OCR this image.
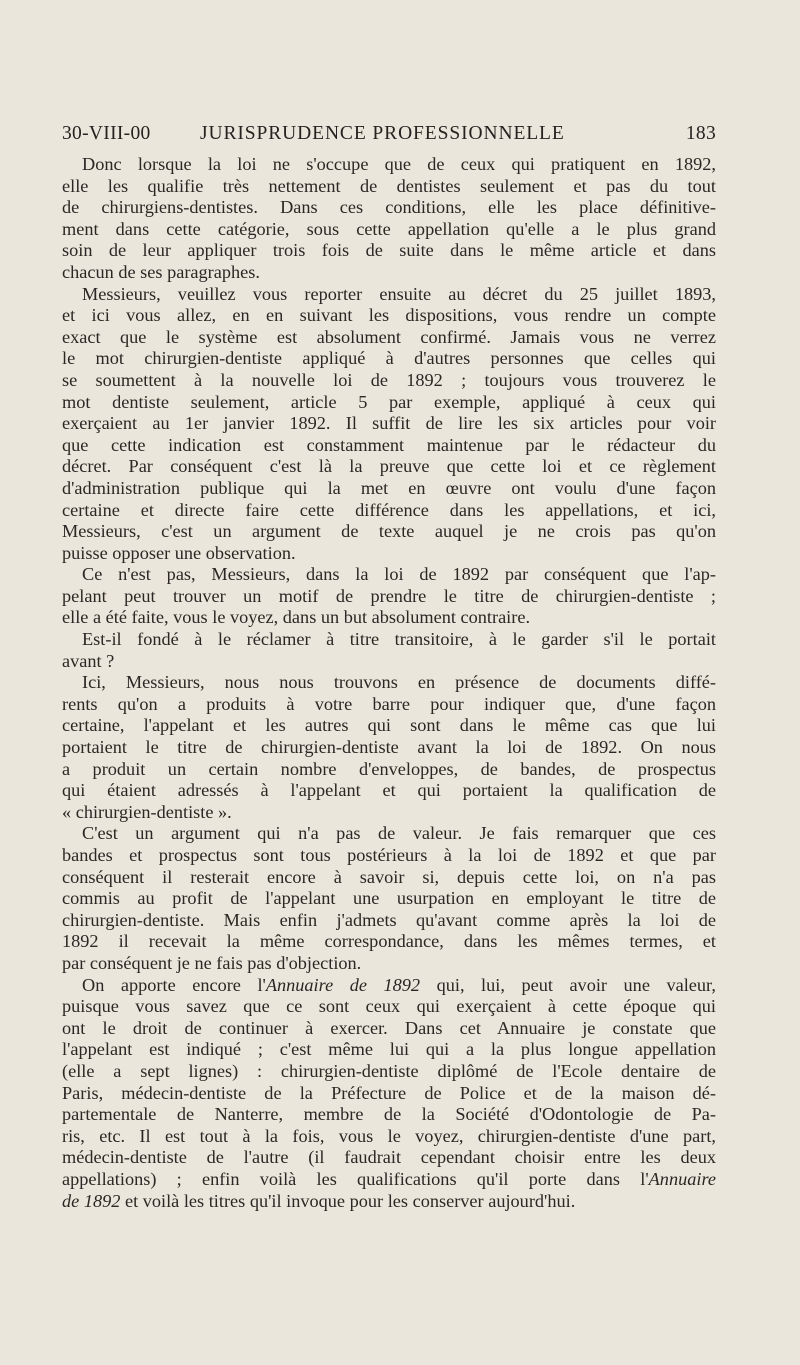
30-VIII-00	JURISPRUDENCE PROFESSIONNELLE	183
Donc lorsque la loi ne s'occupe que de ceux qui pratiquent en 1892,
elle les qualifie très nettement de dentistes seulement et pas du tout
de chirurgiens-dentistes. Dans ces conditions, elle les place définitive-
ment dans cette catégorie, sous cette appellation qu'elle a le plus grand
soin de leur appliquer trois fois de suite dans le même article et dans
chacun de ses paragraphes.
Messieurs, veuillez vous reporter ensuite au décret du 25 juillet 1893,
et ici vous allez, en en suivant les dispositions, vous rendre un compte
exact que le système est absolument confirmé. Jamais vous ne verrez
le mot chirurgien-dentiste appliqué à d'autres personnes que celles qui
se soumettent à la nouvelle loi de 1892 ; toujours vous trouverez le
mot dentiste seulement, article 5 par exemple, appliqué à ceux qui
exerçaient au 1er janvier 1892. Il suffit de lire les six articles pour voir
que cette indication est constamment maintenue par le rédacteur du
décret. Par conséquent c'est là la preuve que cette loi et ce règlement
d'administration publique qui la met en œuvre ont voulu d'une façon
certaine et directe faire cette différence dans les appellations, et ici,
Messieurs, c'est un argument de texte auquel je ne crois pas qu'on
puisse opposer une observation.
Ce n'est pas, Messieurs, dans la loi de 1892 par conséquent que l'ap-
pelant peut trouver un motif de prendre le titre de chirurgien-dentiste ;
elle a été faite, vous le voyez, dans un but absolument contraire.
Est-il fondé à le réclamer à titre transitoire, à le garder s'il le portait
avant ?
Ici, Messieurs, nous nous trouvons en présence de documents diffé-
rents qu'on a produits à votre barre pour indiquer que, d'une façon
certaine, l'appelant et les autres qui sont dans le même cas que lui
portaient le titre de chirurgien-dentiste avant la loi de 1892. On nous
a produit un certain nombre d'enveloppes, de bandes, de prospectus
qui étaient adressés à l'appelant et qui portaient la qualification de
« chirurgien-dentiste ».
C'est un argument qui n'a pas de valeur. Je fais remarquer que ces
bandes et prospectus sont tous postérieurs à la loi de 1892 et que par
conséquent il resterait encore à savoir si, depuis cette loi, on n'a pas
commis au profit de l'appelant une usurpation en employant le titre de
chirurgien-dentiste. Mais enfin j'admets qu'avant comme après la loi de
1892 il recevait la même correspondance, dans les mêmes termes, et
par conséquent je ne fais pas d'objection.
On apporte encore l'Annuaire de 1892 qui, lui, peut avoir une valeur,
puisque vous savez que ce sont ceux qui exerçaient à cette époque qui
ont le droit de continuer à exercer. Dans cet Annuaire je constate que
l'appelant est indiqué ; c'est même lui qui a la plus longue appellation
(elle a sept lignes) : chirurgien-dentiste diplômé de l'Ecole dentaire de
Paris, médecin-dentiste de la Préfecture de Police et de la maison dé-
partementale de Nanterre, membre de la Société d'Odontologie de Pa-
ris, etc. Il est tout à la fois, vous le voyez, chirurgien-dentiste d'une part,
médecin-dentiste de l'autre (il faudrait cependant choisir entre les deux
appellations) ; enfin voilà les qualifications qu'il porte dans l'Annuaire
de 1892 et voilà les titres qu'il invoque pour les conserver aujourd'hui.
